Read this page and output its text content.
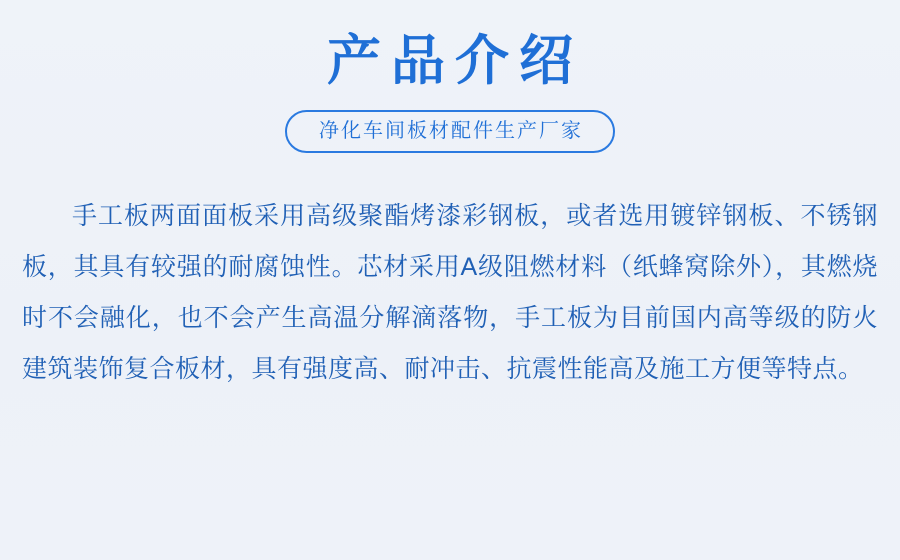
产品介绍
净化车间板材配件生产厂家

手工板两面面板采用高级聚酯烤漆彩钢板，或者选用镀锌钢板、不锈钢板，其具有较强的耐腐蚀性。芯材采用A级阻燃材料（纸蜂窝除外），其燃烧时不会融化，也不会产生高温分解滴落物，手工板为目前国内高等级的防火建筑装饰复合板材，具有强度高、耐冲击、抗震性能高及施工方便等特点。
